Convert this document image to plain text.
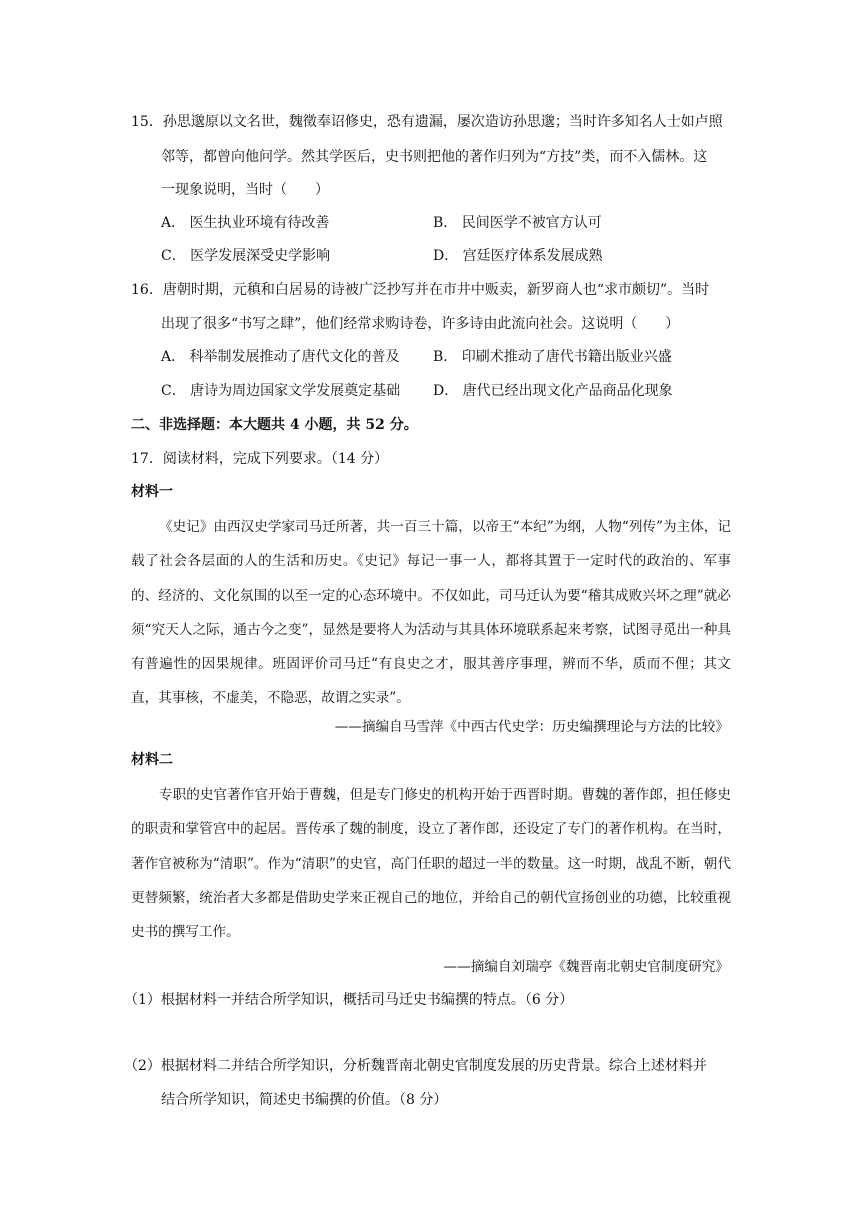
15．孙思邈原以文名世，魏徵奉诏修史，恐有遗漏，屡次造访孙思邈；当时许多知名人士如卢照
邻等，都曾向他问学。然其学医后，史书则把他的著作归列为“方技”类，而不入儒林。这
一现象说明，当时（　　）
A． 医生执业环境有待改善	B． 民间医学不被官方认可
C． 医学发展深受史学影响	D． 宫廷医疗体系发展成熟
16．唐朝时期，元稹和白居易的诗被广泛抄写并在市井中贩卖，新罗商人也“求市颇切”。当时
出现了很多“书写之肆”，他们经常求购诗卷，许多诗由此流向社会。这说明（　　）
A． 科举制发展推动了唐代文化的普及 B． 印刷术推动了唐代书籍出版业兴盛
C． 唐诗为周边国家文学发展奠定基础 D． 唐代已经出现文化产品商品化现象
二、非选择题：本大题共 4 小题，共 52 分。
17．阅读材料，完成下列要求。（14 分）
材料一
《史记》由西汉史学家司马迁所著，共一百三十篇，以帝王“本纪”为纲，人物“列传”为主体，记载了社会各层面的人的生活和历史。《史记》每记一事一人，都将其置于一定时代的政治的、军事的、经济的、文化氛围的以至一定的心态环境中。不仅如此，司马迁认为要“稽其成败兴坏之理”就必须“究天人之际，通古今之变”，显然是要将人为活动与其具体环境联系起来考察，试图寻觅出一种具有普遍性的因果规律。班固评价司马迁“有良史之才，服其善序事理，辨而不华，质而不俚；其文直，其事核，不虚美，不隐恶，故谓之实录”。
——摘编自马雪萍《中西古代史学：历史编撰理论与方法的比较》
材料二
专职的史官著作官开始于曹魏，但是专门修史的机构开始于西晋时期。曹魏的著作郎，担任修史的职责和掌管宫中的起居。晋传承了魏的制度，设立了著作郎，还设定了专门的著作机构。在当时，著作官被称为“清职”。作为“清职”的史官，高门任职的超过一半的数量。这一时期，战乱不断，朝代更替频繁，统治者大多都是借助史学来正视自己的地位，并给自己的朝代宣扬创业的功德，比较重视史书的撰写工作。
——摘编自刘瑞亭《魏晋南北朝史官制度研究》
（1）根据材料一并结合所学知识，概括司马迁史书编撰的特点。（6 分）
（2）根据材料二并结合所学知识，分析魏晋南北朝史官制度发展的历史背景。综合上述材料并
结合所学知识，简述史书编撰的价值。（8 分）
